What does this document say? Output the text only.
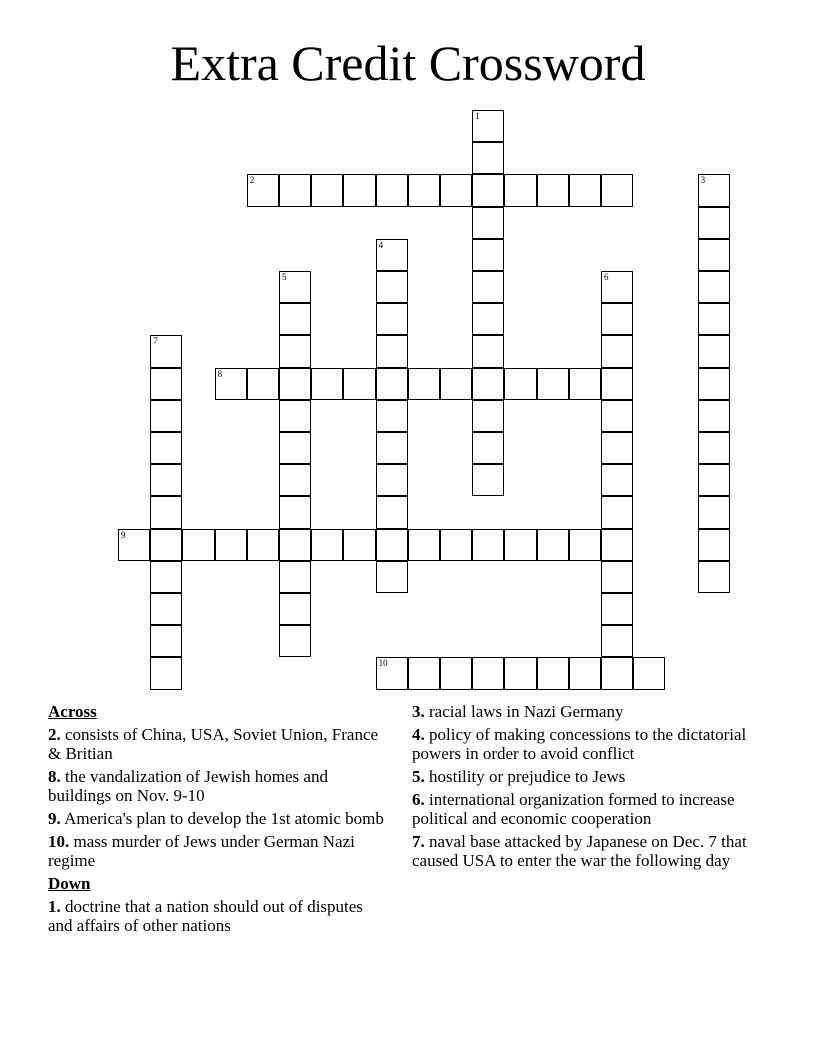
Extra Credit Crossword
1
2	3
4
5	6
7
8
9
10
Across
2. consists of China, USA, Soviet Union, France & Britian
8. the vandalization of Jewish homes and buildings on Nov. 9-10
9. America's plan to develop the 1st atomic bomb
10. mass murder of Jews under German Nazi regime
Down
1. doctrine that a nation should out of disputes and affairs of other nations
3. racial laws in Nazi Germany
4. policy of making concessions to the dictatorial powers in order to avoid conflict
5. hostility or prejudice to Jews
6. international organization formed to increase political and economic cooperation
7. naval base attacked by Japanese on Dec. 7 that caused USA to enter the war the following day
